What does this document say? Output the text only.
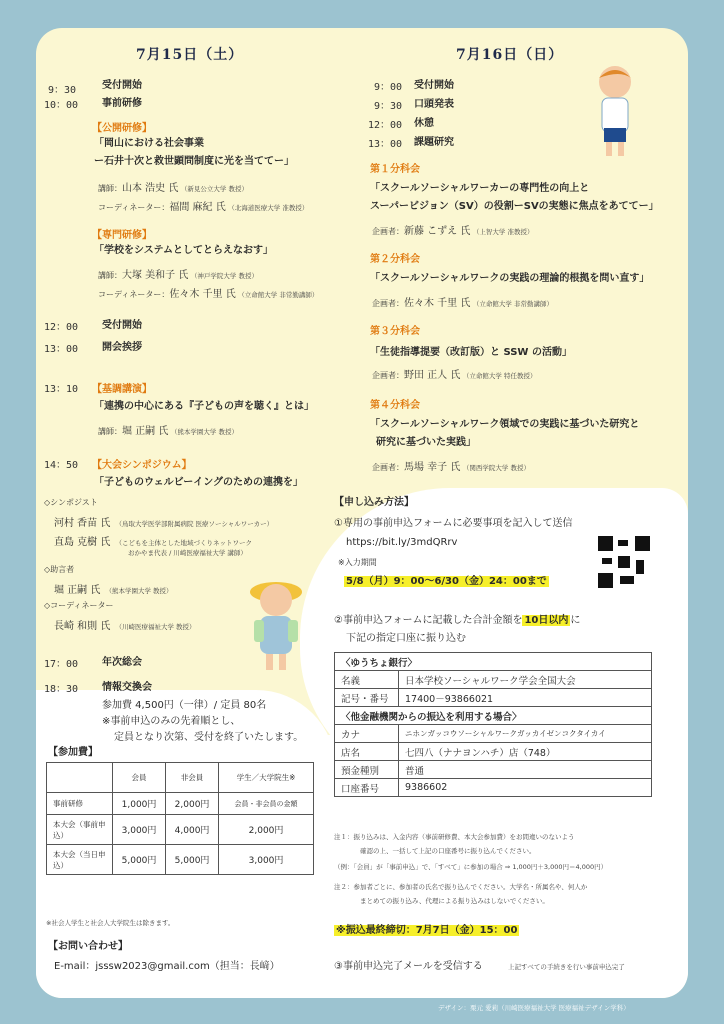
7月15日（土）	7月16日（日）
9：30	受付開始
10：00 事前研修
【公開研修】
「岡山における社会事業
ー石井十次と救世顕問制度に光を当ててー」
講師：山本 浩史 氏 （新見公立大学 教授）
コーディネーター：福間 麻紀 氏 （北海道医療大学 准教授）
【専門研修】
「学校をシステムとしてとらえなおす」
講師：大塚 美和子 氏 （神戸学院大学 教授）
コーディネーター：佐々木 千里 氏 （立命館大学 非常勤講師）
12：00 受付開始
13：00 開会挨拶
13：10 【基調講演】
「連携の中心にある『子どもの声を聴く』とは」
講師：堀 正嗣 氏 （熊本学園大学 教授）
14：50 【大会シンポジウム】
「子どものウェルビーイングのための連携を」
◇シンポジスト
河村 香苗 氏 （鳥取大学医学部附属病院 医療ソーシャルワーカー）
直島 克樹 氏 （こどもを主体とした地域づくりネットワーク
おかやま代表 / 川崎医療福祉大学 講師）
◇助言者
堀 正嗣 氏 （熊本学園大学 教授）
◇コーディネーター
長崎 和則 氏 （川崎医療福祉大学 教授）
17：00 年次総会
18：30 情報交換会
参加費 4,500円（一律）/ 定員 80名
※事前申込のみの先着順とし、
定員となり次第、受付を終了いたします。
9：00 受付開始
9：30 口頭発表
12：00 休憩
13：00 課題研究
第１分科会
「スクールソーシャルワーカーの専門性の向上と
スーパービジョン（SV）の役割ーSVの実態に焦点をあててー」
企画者：新藤 こずえ 氏 （上智大学 准教授）
第２分科会
「スクールソーシャルワークの実践の理論的根拠を問い直す」
企画者：佐々木 千里 氏 （立命館大学 非常勤講師）
第３分科会
「生徒指導提要（改訂版）と SSW の活動」
企画者：野田 正人 氏 （立命館大学 特任教授）
第４分科会
「スクールソーシャルワーク領域での実践に基づいた研究と
研究に基づいた実践」
企画者：馬場 幸子 氏 （関西学院大学 教授）
【申し込み方法】
①専用の事前申込フォームに必要事項を記入して送信
https://bit.ly/3mdQRrv
※入力期間
5/8（月）9：00～6/30（金）24：00まで
②事前申込フォームに記載した合計金額を 10日以内 に
下記の指定口座に振り込む
〈ゆうちょ銀行〉	
名義	日本学校ソーシャルワーク学会全国大会
記号・番号	17400－93866021
〈他金融機関からの振込を利用する場合〉	
カナ	ニホンガッコウソーシャルワークガッカイゼンコクタイカイ
店名	七四八（ナナヨンハチ）店（748）
預金種別	普通
口座番号	9386602
注１：振り込みは、入金内容（事前研修費、本大会参加費）をお間違いのないよう
確認の上、一括して上記の口座番号に振り込んでください。
（例：「会員」が「事前申込」で、「すべて」に参加の場合 ⇒ 1,000円＋3,000円＝4,000円）
注２：参加者ごとに、参加者の氏名で振り込んでください。大学名・所属名や、何人か
まとめての振り込み、代理による振り込みはしないでください。
※振込最終締切：7月7日（金）15：00
③事前申込完了メールを受信する	上記すべての手続きを行い事前申込完了
【参加費】
	会員	非会員	学生／大学院生※
事前研修	1,000円	2,000円	会員・非会員の金額
本大会（事前申込）	3,000円	4,000円	2,000円
本大会（当日申込）	5,000円	5,000円	3,000円
※社会人学生と社会人大学院生は除きます。
【お問い合わせ】
E-mail：jsssw2023@gmail.com（担当：長﨑）
デザイン：栗元 愛莉（川崎医療福祉大学 医療福祉デザイン学科）
